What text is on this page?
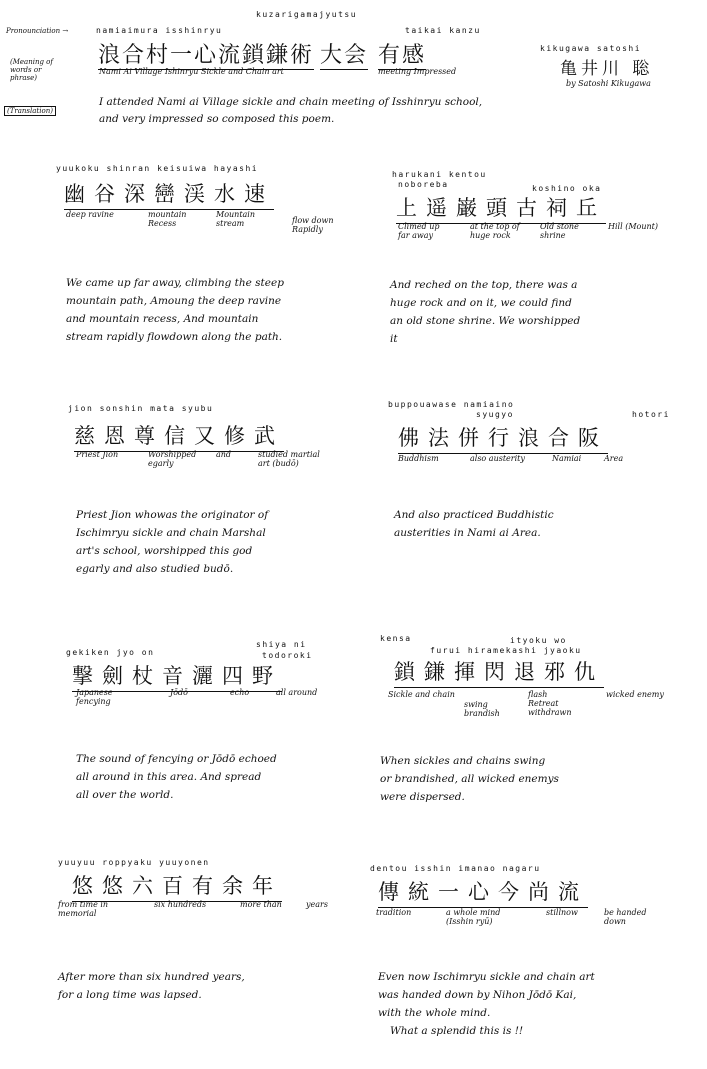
Pronounciation →
(Meaning of
words or
phrase)
(Translation)
kuzarigamajyutsu
namiaimura isshinryu	taikai kanzu
浪合村一心流鎖鎌術 大会 有感
Nami Ai Village Ishinryu Sickle and Chain art	meeting Impressed
kikugawa satoshi
亀井川 聡
by Satoshi Kikugawa
I attended Nami ai Village sickle and chain meeting of Isshinryu school,
and very impressed so composed this poem.
yuukoku shinran keisuiwa hayashi
幽谷深巒渓水速
deep ravine	mountain Recess
Mountain stream	flow down Rapidly
We came up far away, climbing the steep
mountain path, Amoung the deep ravine
and mountain recess, And mountain
stream rapidly flowdown along the path.
harukani kentou
noboreba	koshino oka
上遥巌頭古祠丘
Climed up far away
at the top of huge rock
Old stone shrine
Hill (Mount)
And reched on the top, there was a
huge rock and on it, we could find
an old stone shrine. We worshipped
it
jion sonshin mata syubu
慈恩尊信又修武
Priest Jion	Worshipped egarly
and	studied martial art (budō)
Priest Jion whowas the originator of
Ischimryu sickle and chain Marshal
art's school, worshipped this god
egarly and also studied budō.
buppouawase namiaino
syugyo	hotori
佛法併行浪合阪
Buddhism	also austerity	Namiai	Area
And also practiced Buddhistic
austerities in Nami ai Area.
gekiken jyo on
shiya ni
todoroki
撃劍杖音灑四野
Japanese fencying
Jōdō	echo	all around
The sound of fencying or Jōdō echoed
all around in this area. And spread
all over the world.
kensa	ityoku wo
furui hiramekashi jyaoku
鎖鎌揮閃退邪仇
Sickle and chain
swing brandish
flash Retreat withdrawn
wicked enemy
When sickles and chains swing
or brandished, all wicked enemys
were dispersed.
yuuyuu roppyaku yuuyonen
悠悠六百有余年
from time in memorial
six hundreds	more than	years
After more than six hundred years,
for a long time was lapsed.
dentou isshin imanao nagaru
傳統一心今尚流
tradition	a whole mind (Isshin ryū)
stillnow	be handed down
Even now Ischimryu sickle and chain art
was handed down by Nihon Jōdō Kai,
with the whole mind.
What a splendid this is !!
